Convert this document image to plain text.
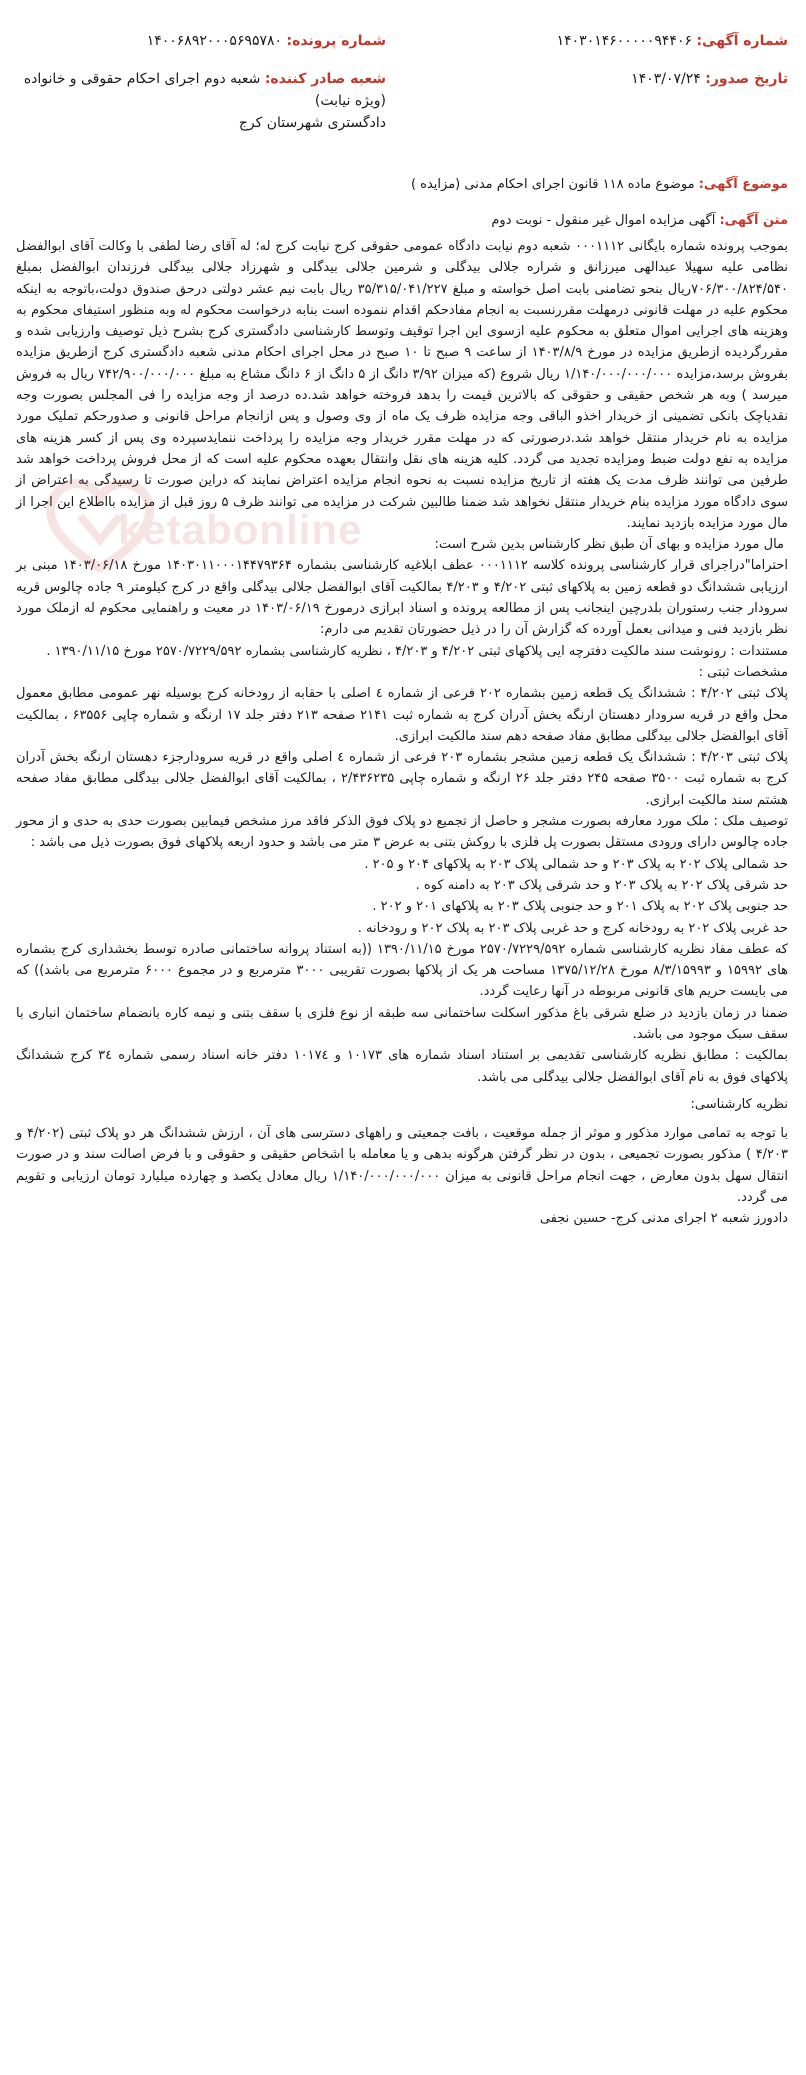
ketabonline
شماره آگهی: ۱۴۰۳۰۱۴۶۰۰۰۰۰۹۴۴۰۶
تاریخ صدور: ۱۴۰۳/۰۷/۲۴
شماره پرونده: ۱۴۰۰۶۸۹۲۰۰۰۵۶۹۵۷۸۰
شعبه صادر کننده: شعبه دوم اجرای احکام حقوقی و خانواده (ویژه نیابت)
دادگستری شهرستان کرج
موضوع آگهی: موضوع ماده ۱۱۸ قانون اجرای احکام مدنی (مزایده )
متن آگهی: آگهی مزایده اموال غیر منقول - نوبت دوم

بموجب پرونده شماره بایگانی ۰۰۰۱۱۱۲ شعبه دوم نیابت دادگاه عمومی حقوقی کرج نیابت کرج له؛ له آقای رضا لطفی با وکالت آقای ابوالفضل نظامی علیه سهیلا عبدالهی میرزانق و شراره جلالی بیدگلی و شرمین جلالی بیدگلی و شهرزاد جلالی بیدگلی فرزندان ابوالفضل بمبلغ ۷۰۶/۳۰۰/۸۲۴/۵۴۰ریال بنحو تضامنی بابت اصل خواسته و مبلغ ۳۵/۳۱۵/۰۴۱/۲۲۷ ریال بابت نیم عشر دولتی درحق صندوق دولت،باتوجه به اینکه محکوم علیه در مهلت قانونی درمهلت مقررنسبت به انجام مفادحکم اقدام ننموده است بنابه درخواست محکوم له وبه منظور استیفای محکوم به وهزینه های اجرایی اموال متعلق به محکوم علیه ازسوی این اجرا توقیف وتوسط کارشناسی دادگستری کرج بشرح ذیل توصیف وارزیابی شده و مقررگردیده ازطریق مزایده در مورخ ۱۴۰۳/۸/۹ از ساعت ۹ صبح تا ۱۰ صبح در محل اجرای احکام مدنی شعبه دادگستری کرج ازطریق مزایده بفروش برسد،مزایده ۱/۱۴۰/۰۰۰/۰۰۰/۰۰۰ ریال شروع (که میزان ۳/۹۲ دانگ از ۵ دانگ از ۶ دانگ مشاع به مبلغ ۷۴۲/۹۰۰/۰۰۰/۰۰۰ ریال به فروش میرسد ) وبه هر شخص حقیقی و حقوقی که بالاترین قیمت را بدهد فروخته خواهد شد.ده درصد از وجه مزایده را فی المجلس بصورت وجه نقدیاچک بانکی تضمینی از خریدار اخذو الباقی وجه مزایده ظرف یک ماه از وی وصول و پس ازانجام مراحل قانونی و صدورحکم تملیک مورد مزایده به نام خریدار منتقل خواهد شد.درصورتی که در مهلت مقرر خریدار وجه مزایده را پرداخت ننمایدسپرده وی پس از کسر هزینه های مزایده به نفع دولت ضبط ومزایده تجدید می گردد. کلیه هزینه های نقل وانتقال بعهده محکوم علیه است که از محل فروش پرداخت خواهد شد طرفین می توانند ظرف مدت یک هفته از تاریخ مزایده نسبت به نحوه انجام مزایده اعتراض نمایند که دراین صورت تا رسیدگی به اعتراض از سوی دادگاه مورد مزایده بنام خریدار منتقل نخواهد شد ضمنا طالبین شرکت در مزایده می توانند ظرف ۵ روز قبل از مزایده بااطلاع این اجرا از مال مورد مزایده بازدید نمایند.

مال مورد مزایده و بهای آن طبق نظر کارشناس بدین شرح است:

احتراما"دراجرای قرار کارشناسی پرونده کلاسه ۰۰۰۱۱۱۲ عطف ابلاغیه کارشناسی بشماره ۱۴۰۳۰۱۱۰۰۰۱۴۴۷۹۳۶۴ مورخ ۱۴۰۳/۰۶/۱۸ مبنی بر ارزیابی ششدانگ دو قطعه زمین به پلاکهای ثبتی ۴/۲۰۲ و ۴/۲۰۳ بمالکیت آقای ابوالفضل جلالی بیدگلی واقع در کرج کیلومتر ۹ جاده چالوس قریه سرودار جنب رستوران بلدرچین اینجانب پس از مطالعه پرونده و اسناد ابرازی درمورخ ۱۴۰۳/۰۶/۱۹ در معیت و راهنمایی محکوم له ازملک مورد نظر بازدید فنی و میدانی بعمل آورده که گزارش آن را در ذیل حضورتان تقدیم می دارم:

مستندات : رونوشت سند مالکیت دفترچه ایی پلاکهای ثبتی ۴/۲۰۲ و ۴/۲۰۳ ، نظریه کارشناسی بشماره ۲۵۷۰/۷۲۲۹/۵۹۲ مورخ ۱۳۹۰/۱۱/۱۵ .

مشخصات ثبتی :

پلاک ثبتی ۴/۲۰۲ : ششدانگ یک قطعه زمین بشماره ۲۰۲ فرعی از شماره ٤ اصلی با حقابه از رودخانه کرج بوسیله نهر عمومی مطابق معمول محل واقع در قریه سرودار دهستان ارنگه بخش آدران کرج به شماره ثبت ۲۱۴۱ صفحه ۲۱۳ دفتر جلد ۱۷ ارنگه و شماره چاپی ۶۳۵۵۶ ، بمالکیت آقای ابوالفضل جلالی بیدگلی مطابق مفاد صفحه دهم سند مالکیت ابرازی.

پلاک ثبتی ۴/۲۰۳ : ششدانگ یک قطعه زمین مشجر بشماره ۲۰۳ فرعی از شماره ٤ اصلی واقع در قریه سرودارجزء دهستان ارنگه بخش آدران کرج به شماره ثبت ۳۵۰۰ صفحه ۲۴۵ دفتر جلد ۲۶ ارنگه و شماره چاپی ۲/۴۳۶۲۳۵ ، بمالکیت آقای ابوالفضل جلالی بیدگلی مطابق مفاد صفحه هشتم سند مالکیت ابرازی.

توصیف ملک : ملک مورد معارفه بصورت مشجر و حاصل از تجمیع دو پلاک فوق الذکر فاقد مرز مشخص فیمابین بصورت حدی به حدی و از محور جاده چالوس دارای ورودی مستقل بصورت پل فلزی با روکش بتنی به عرض ۳ متر می باشد و حدود اربعه پلاکهای فوق بصورت ذیل می باشد :

حد شمالی پلاک ۲۰۲ به پلاک ۲۰۳ و حد شمالی پلاک ۲۰۳ به پلاکهای ۲۰۴ و ۲۰۵ .

حد شرقی پلاک ۲۰۲ به پلاک ۲۰۳ و حد شرقی پلاک ۲۰۳ به دامنه کوه .

حد جنوبی پلاک ۲۰۲ به پلاک ۲۰۱ و حد جنوبی پلاک ۲۰۳ به پلاکهای ۲۰۱ و ۲۰۲ .

حد غربی پلاک ۲۰۲ به رودخانه کرج و حد غربی پلاک ۲۰۳ به پلاک ۲۰۲ و رودخانه .

که عطف مفاد نظریه کارشناسی شماره ۲۵۷۰/۷۲۲۹/۵۹۲ مورخ ۱۳۹۰/۱۱/۱۵ ((به استناد پروانه ساختمانی صادره توسط بخشداری کرج بشماره های ۱۵۹۹۲ و ۸/۳/۱۵۹۹۳ مورخ ۱۳۷۵/۱۲/۲۸ مساحت هر یک از پلاکها بصورت تقریبی ۳۰۰۰ مترمربع و در مجموع ۶۰۰۰ مترمربع می باشد)) که می بایست حریم های قانونی مربوطه در آنها رعایت گردد.

ضمنا در زمان بازدید در ضلع شرقی باغ مذکور اسکلت ساختمانی سه طبقه از نوع فلزی با سقف بتنی و نیمه کاره بانضمام ساختمان انباری با سقف سبک موجود می باشد.

بمالکیت : مطابق نظریه کارشناسی تقدیمی بر استناد اسناد شماره های ۱۰۱۷۳ و ۱۰۱۷٤ دفتر خانه اسناد رسمی شماره ۳٤ کرج ششدانگ پلاکهای فوق به نام آقای ابوالفضل جلالی بیدگلی می باشد.

نظریه کارشناسی:

با توجه به تمامی موارد مذکور و موثر از جمله موقعیت ، بافت جمعیتی و راههای دسترسی های آن ، ارزش ششدانگ هر دو پلاک ثبتی (۴/۲۰۲ و ۴/۲۰۳ ) مذکور بصورت تجمیعی ، بدون در نظر گرفتن هرگونه بدهی و یا معامله با اشخاص حقیقی و حقوقی و با فرض اصالت سند و در صورت انتقال سهل بدون معارض ، جهت انجام مراحل قانونی به میزان ۱/۱۴۰/۰۰۰/۰۰۰/۰۰۰ ریال معادل یکصد و چهارده میلیارد تومان ارزیابی و تقویم می گردد.

دادورز شعبه ۲ اجرای مدنی کرج- حسین نجفی
